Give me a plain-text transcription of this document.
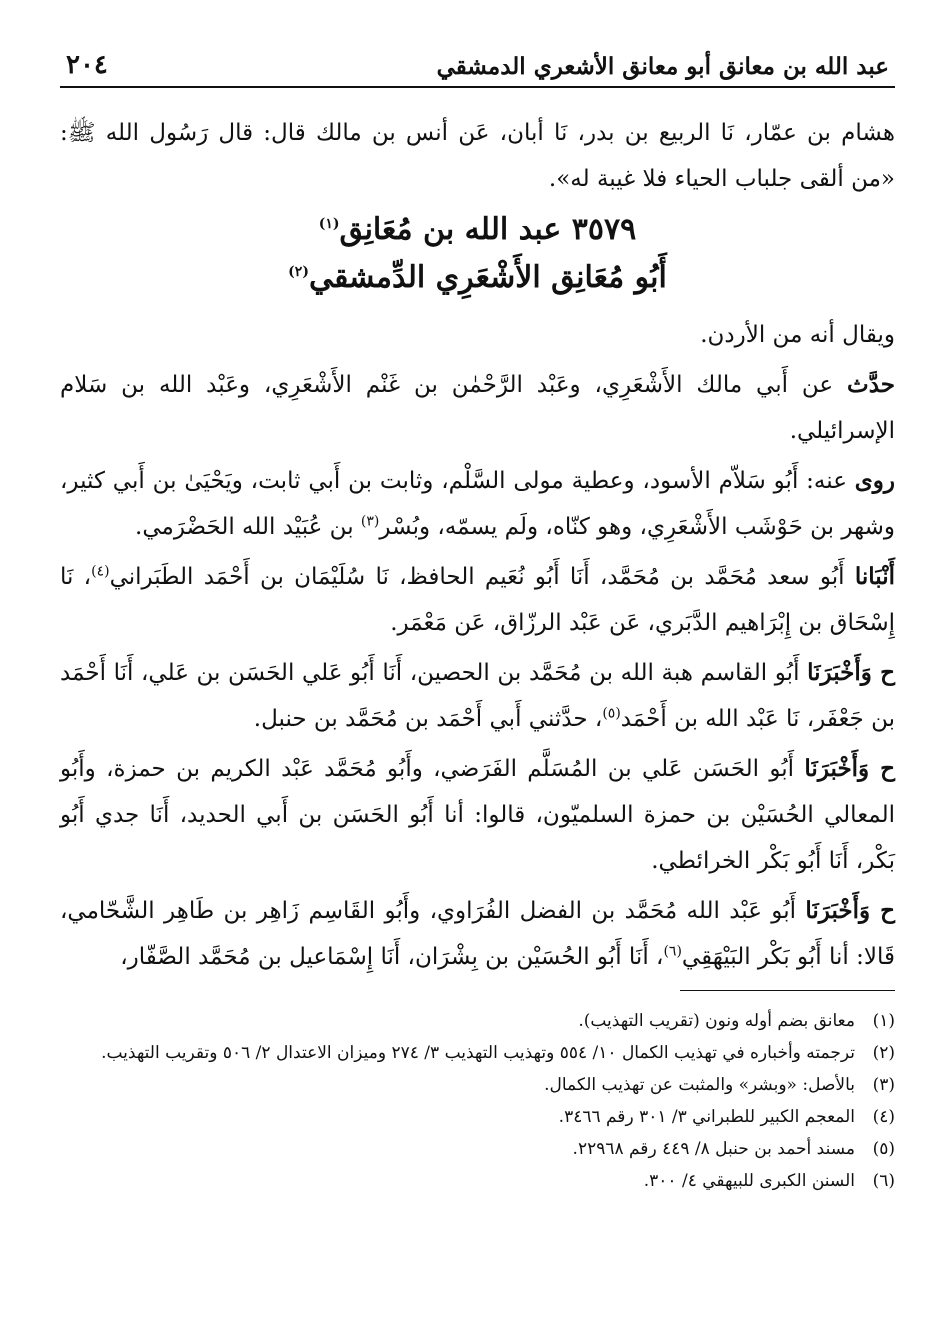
عبد الله بن معانق أبو معانق الأشعري الدمشقي
٢٠٤

هشام بن عمّار، نَا الربيع بن بدر، نَا أبان، عَن أنس بن مالك قال: قال رَسُول الله ﷺ: «من ألقى جلباب الحياء فلا غيبة له».

٣٥٧٩ عبد الله بن مُعَانِق$^{(١)}$
أَبُو مُعَانِق الأَشْعَرِي الدِّمشقي$^{(٢)}$

ويقال أنه من الأردن.

حدَّث عن أَبي مالك الأَشْعَرِي، وعَبْد الرَّحْمٰن بن غَنْم الأَشْعَرِي، وعَبْد الله بن سَلام الإسرائيلي.

روى عنه: أَبُو سَلاّم الأسود، وعطية مولى السَّلْم، وثابت بن أَبي ثابت، ويَحْيَىٰ بن أَبي كثير، وشهر بن حَوْشَب الأَشْعَرِي، وهو كنّاه، ولَم يسمّه، وبُسْر$^{(٣)}$ بن عُبَيْد الله الحَضْرَمي.

أَنْبَانا أَبُو سعد مُحَمَّد بن مُحَمَّد، أَنَا أَبُو نُعَيم الحافظ، نَا سُلَيْمَان بن أَحْمَد الطَبَراني$^{(٤)}$، نَا إِسْحَاق بن إِبْرَاهيم الدَّبَري، عَن عَبْد الرزّاق، عَن مَعْمَر.

ح وَأَخْبَرَنَا أَبُو القاسم هبة الله بن مُحَمَّد بن الحصين، أَنَا أَبُو عَلي الحَسَن بن عَلي، أَنَا أَحْمَد بن جَعْفَر، نَا عَبْد الله بن أَحْمَد$^{(٥)}$، حدَّثني أَبي أَحْمَد بن مُحَمَّد بن حنبل.

ح وَأَخْبَرَنَا أَبُو الحَسَن عَلي بن المُسَلَّم الفَرَضي، وأَبُو مُحَمَّد عَبْد الكريم بن حمزة، وأَبُو المعالي الحُسَيْن بن حمزة السلميّون، قالوا: أنا أَبُو الحَسَن بن أَبي الحديد، أَنَا جدي أَبُو بَكْر، أَنَا أَبُو بَكْر الخرائطي.

ح وَأَخْبَرَنَا أَبُو عَبْد الله مُحَمَّد بن الفضل الفُرَاوي، وأَبُو القَاسِم زَاهِر بن طَاهِر الشَّحّامي، قَالا: أنا أَبُو بَكْر البَيْهَقِي$^{(٦)}$، أَنَا أَبُو الحُسَيْن بن بِشْرَان، أَنَا إِسْمَاعيل بن مُحَمَّد الصَّفّار،

(١)
معانق بضم أوله ونون (تقريب التهذيب).
(٢)
ترجمته وأخباره في تهذيب الكمال ١٠/ ٥٥٤ وتهذيب التهذيب ٣/ ٢٧٤ وميزان الاعتدال ٢/ ٥٠٦ وتقريب التهذيب.
(٣)
بالأصل: «وبشر» والمثبت عن تهذيب الكمال.
(٤)
المعجم الكبير للطبراني ٣/ ٣٠١ رقم ٣٤٦٦.
(٥)
مسند أحمد بن حنبل ٨/ ٤٤٩ رقم ٢٢٩٦٨.
(٦)
السنن الكبرى للبيهقي ٤/ ٣٠٠.
